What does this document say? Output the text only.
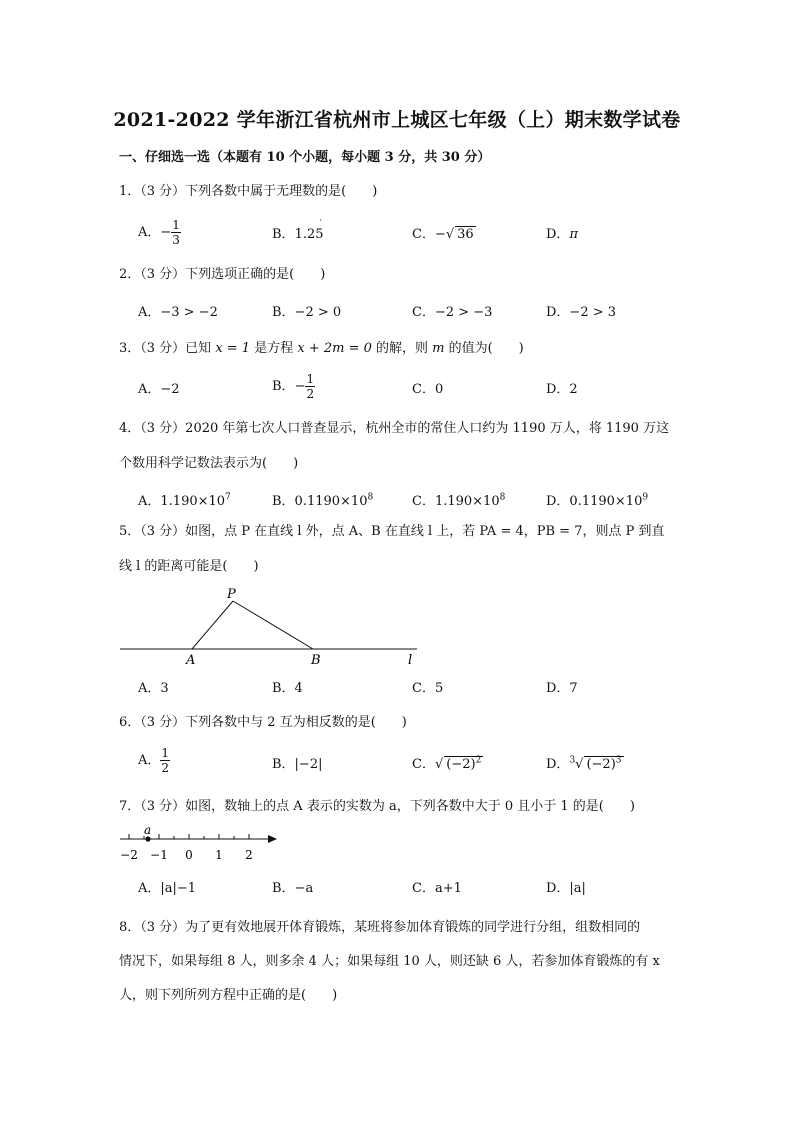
2021-2022 学年浙江省杭州市上城区七年级（上）期末数学试卷
一、仔细选一选（本题有 10 个小题，每小题 3 分，共 30 分）
1．（3 分）下列各数中属于无理数的是(　　)
A．− $\frac{1}{3}$	B．1.25
˙
C．−√ 36	D．π
2．（3 分）下列选项正确的是(　　)
A．−3 > −2	B．−2 > 0	C．−2 > −3	D．−2 > 3
3．（3 分）已知 x = 1 是方程 x + 2m = 0 的解，则 m 的值为(　　)
A．−2	B．− $\frac{1}{2}$	C．0	D．2
4．（3 分）2020 年第七次人口普查显示，杭州全市的常住人口约为 1190 万人，将 1190 万这
个数用科学记数法表示为(　　)
A．$1.190\times 10^7$	B．$0.1190\times 10^8$	C．$1.190\times 10^8$	D．$0.1190\times 10^9$
5．（3 分）如图，点 P 在直线 l 外，点 A、B 在直线 l 上，若 PA = 4，PB = 7，则点 P 到直
线 l 的距离可能是(　　)
P
A	B	l
A．3	B．4	C．5	D．7
6．（3 分）下列各数中与 2 互为相反数的是(　　)
A． $\frac{1}{2}$	B．|−2|	C．√ $(-2)^2$	D．$^3$√ $(-2)^3$
7．（3 分）如图，数轴上的点 A 表示的实数为 a，下列各数中大于 0 且小于 1 的是(　　)
−2 −1 0 1 2
a
A．|a|−1	B．−a	C．a+1	D．|a|
8．（3 分）为了更有效地展开体育锻炼，某班将参加体育锻炼的同学进行分组，组数相同的
情况下，如果每组 8 人，则多余 4 人；如果每组 10 人，则还缺 6 人，若参加体育锻炼的有 x
人，则下列所列方程中正确的是(　　)
